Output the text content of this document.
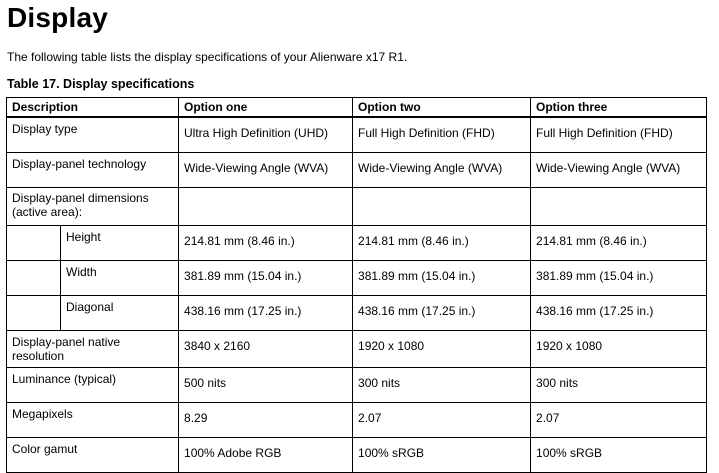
Display
The following table lists the display specifications of your Alienware x17 R1.
Table 17. Display specifications
Description		Option one	Option two	Option three
Display type		Ultra High Definition (UHD)	Full High Definition (FHD)	Full High Definition (FHD)
Display-panel technology		Wide-Viewing Angle (WVA)	Wide-Viewing Angle (WVA)	Wide-Viewing Angle (WVA)
Display-panel dimensions (active area):				
	Height	214.81 mm (8.46 in.)	214.81 mm (8.46 in.)	214.81 mm (8.46 in.)
	Width	381.89 mm (15.04 in.)	381.89 mm (15.04 in.)	381.89 mm (15.04 in.)
	Diagonal	438.16 mm (17.25 in.)	438.16 mm (17.25 in.)	438.16 mm (17.25 in.)
Display-panel native resolution		3840 x 2160	1920 x 1080	1920 x 1080
Luminance (typical)		500 nits	300 nits	300 nits
Megapixels		8.29	2.07	2.07
Color gamut		100% Adobe RGB	100% sRGB	100% sRGB
